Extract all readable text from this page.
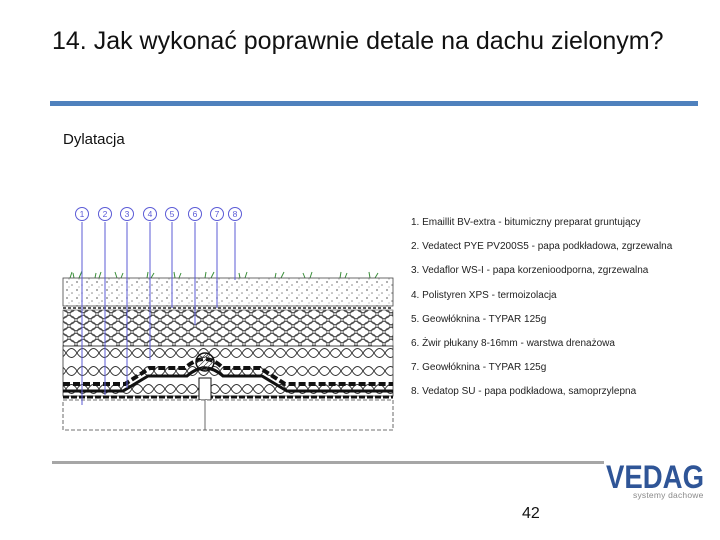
14. Jak wykonać poprawnie detale na dachu zielonym?
Dylatacja
1 2 3 4 5 6 7 8
1. Emaillit BV-extra - bitumiczny preparat gruntujący
2. Vedatect PYE PV200S5 - papa podkładowa, zgrzewalna
3. Vedaflor WS-I - papa korzenioodporna, zgrzewalna
4. Polistyren XPS - termoizolacja
5. Geowłóknina - TYPAR 125g
6. Żwir płukany 8-16mm - warstwa drenażowa
7. Geowłóknina - TYPAR 125g
8. Vedatop SU - papa podkładowa, samoprzylepna
VEDAG
systemy dachowe
42
